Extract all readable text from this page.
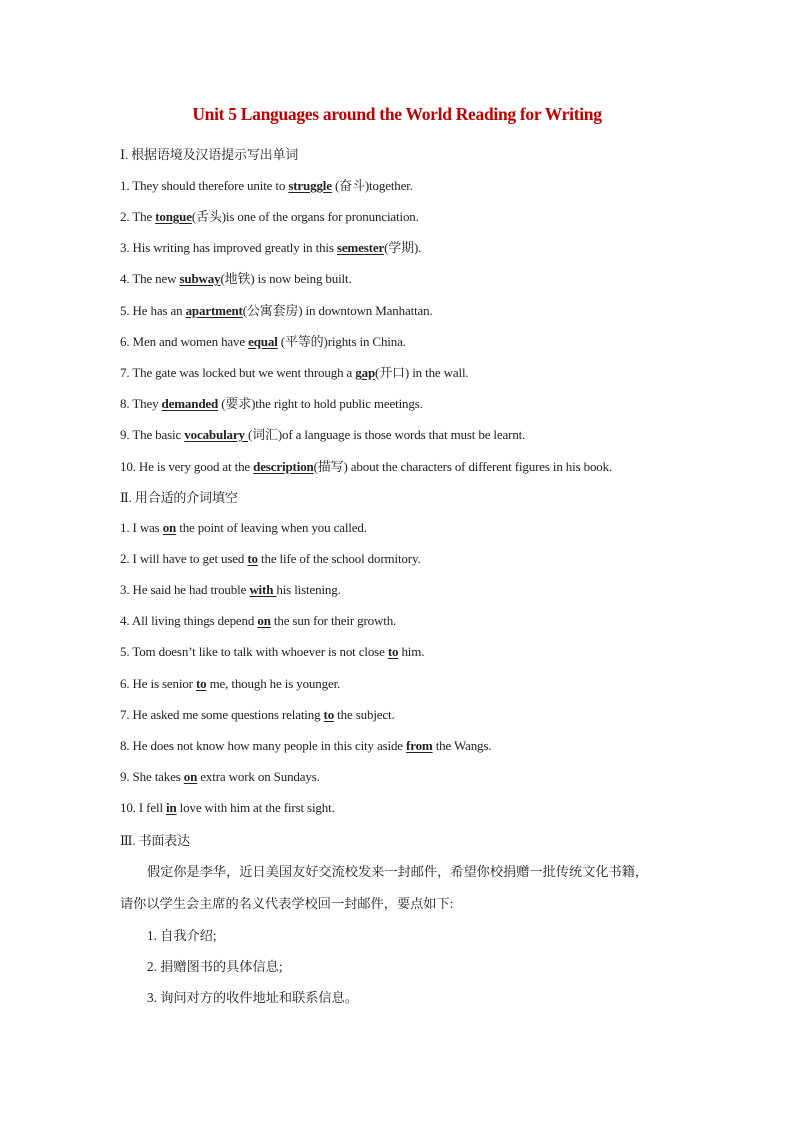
Unit 5 Languages around the World Reading for Writing
Ⅰ. 根据语境及汉语提示写出单词
1. They should therefore unite to struggle (奋斗)together.
2. The tongue(舌头)is one of the organs for pronunciation.
3. His writing has improved greatly in this semester(学期).
4. The new subway(地铁) is now being built.
5. He has an apartment(公寓套房) in downtown Manhattan.
6. Men and women have equal (平等的)rights in China.
7. The gate was locked but we went through a gap(开口) in the wall.
8. They demanded (要求)the right to hold public meetings.
9. The basic vocabulary (词汇)of a language is those words that must be learnt.
10. He is very good at the description(描写) about the characters of different figures in his book.
Ⅱ. 用合适的介词填空
1. I was on the point of leaving when you called.
2. I will have to get used to the life of the school dormitory.
3. He said he had trouble with his listening.
4. All living things depend on the sun for their growth.
5. Tom doesn’t like to talk with whoever is not close to him.
6. He is senior to me, though he is younger.
7. He asked me some questions relating to the subject.
8. He does not know how many people in this city aside from the Wangs.
9. She takes on extra work on Sundays.
10. I fell in love with him at the first sight.
Ⅲ. 书面表达
假定你是李华，近日美国友好交流校发来一封邮件，希望你校捐赠一批传统文化书籍，
请你以学生会主席的名义代表学校回一封邮件，要点如下:
1. 自我介绍;
2. 捐赠图书的具体信息;
3. 询问对方的收件地址和联系信息。
